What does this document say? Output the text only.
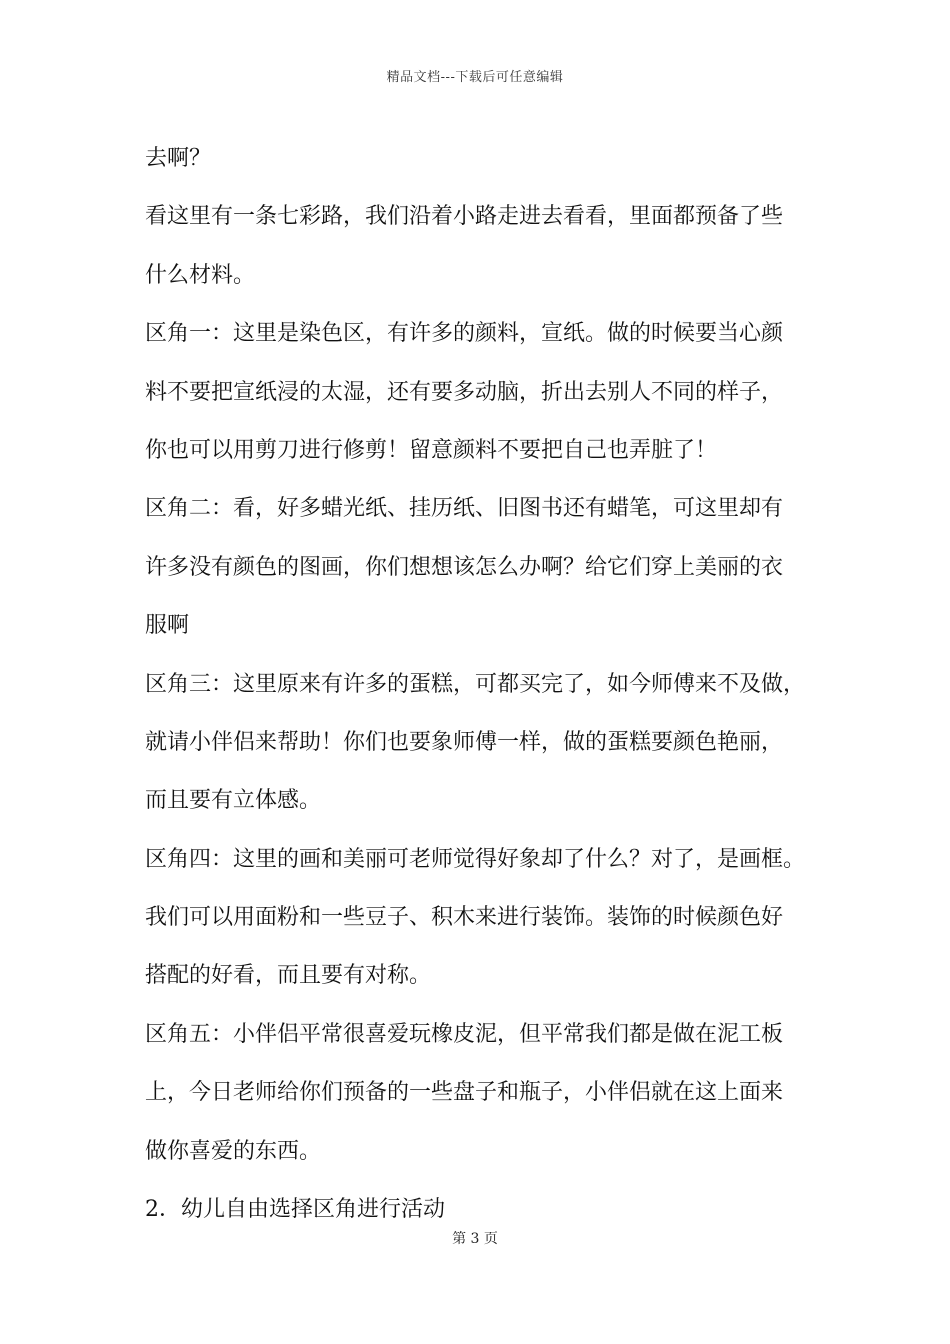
精品文档---下载后可任意编辑
去啊？
看这里有一条七彩路，我们沿着小路走进去看看，里面都预备了些
什么材料。
区角一：这里是染色区，有许多的颜料，宣纸。做的时候要当心颜
料不要把宣纸浸的太湿，还有要多动脑，折出去别人不同的样子，
你也可以用剪刀进行修剪！留意颜料不要把自己也弄脏了！
区角二：看，好多蜡光纸、挂历纸、旧图书还有蜡笔，可这里却有
许多没有颜色的图画，你们想想该怎么办啊？给它们穿上美丽的衣
服啊
区角三：这里原来有许多的蛋糕，可都买完了，如今师傅来不及做，
就请小伴侣来帮助！你们也要象师傅一样，做的蛋糕要颜色艳丽，
而且要有立体感。
区角四：这里的画和美丽可老师觉得好象却了什么？对了，是画框。
我们可以用面粉和一些豆子、积木来进行装饰。装饰的时候颜色好
搭配的好看，而且要有对称。
区角五：小伴侣平常很喜爱玩橡皮泥，但平常我们都是做在泥工板
上，今日老师给你们预备的一些盘子和瓶子，小伴侣就在这上面来
做你喜爱的东西。
2．幼儿自由选择区角进行活动
第 3 页
